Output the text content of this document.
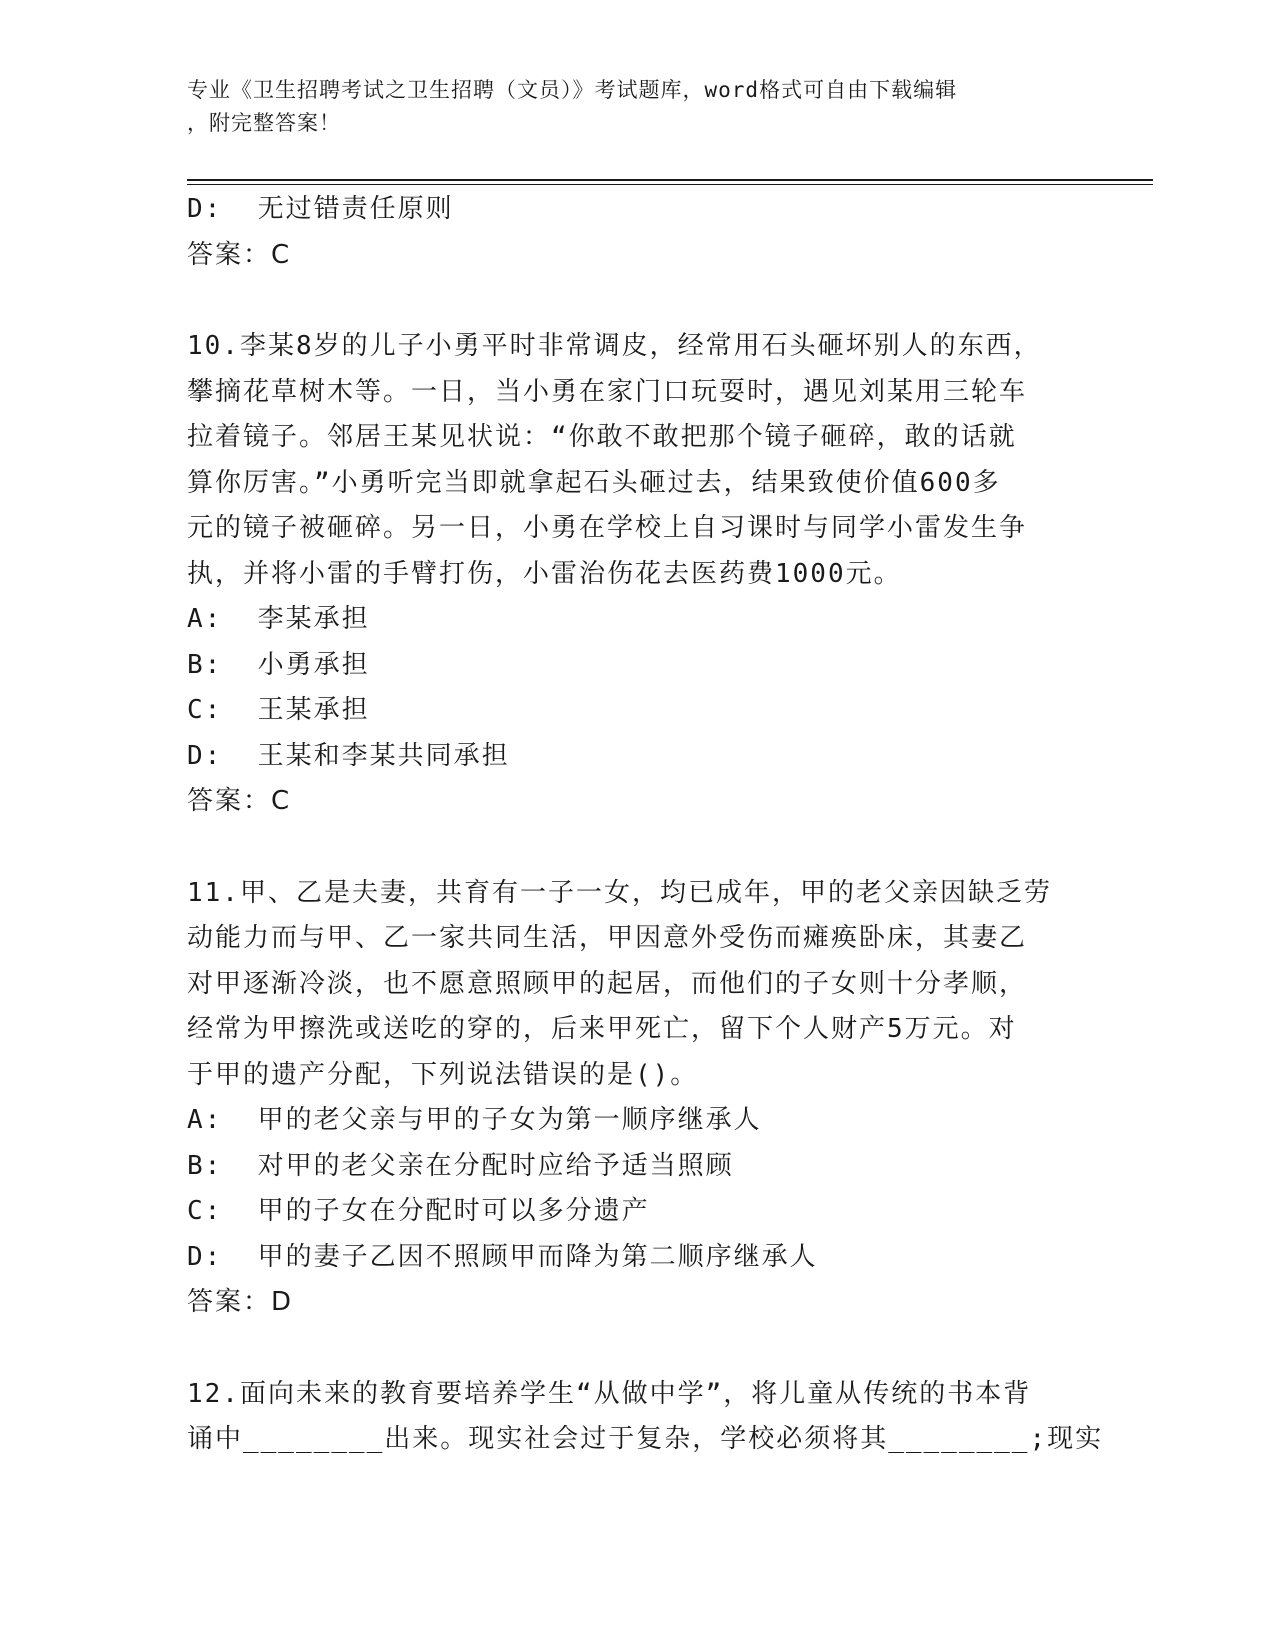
专业《卫生招聘考试之卫生招聘（文员）》考试题库，word格式可自由下载编辑
，附完整答案！
D:  无过错责任原则
答案：C
10.李某8岁的儿子小勇平时非常调皮，经常用石头砸坏别人的东西，
攀摘花草树木等。一日，当小勇在家门口玩耍时，遇见刘某用三轮车
拉着镜子。邻居王某见状说：“你敢不敢把那个镜子砸碎，敢的话就
算你厉害。”小勇听完当即就拿起石头砸过去，结果致使价值600多
元的镜子被砸碎。另一日，小勇在学校上自习课时与同学小雷发生争
执，并将小雷的手臂打伤，小雷治伤花去医药费1000元。
A:  李某承担
B:  小勇承担
C:  王某承担
D:  王某和李某共同承担
答案：C
11.甲、乙是夫妻，共育有一子一女，均已成年，甲的老父亲因缺乏劳
动能力而与甲、乙一家共同生活，甲因意外受伤而瘫痪卧床，其妻乙
对甲逐渐冷淡，也不愿意照顾甲的起居，而他们的子女则十分孝顺，
经常为甲擦洗或送吃的穿的，后来甲死亡，留下个人财产5万元。对
于甲的遗产分配，下列说法错误的是()。
A:  甲的老父亲与甲的子女为第一顺序继承人
B:  对甲的老父亲在分配时应给予适当照顾
C:  甲的子女在分配时可以多分遗产
D:  甲的妻子乙因不照顾甲而降为第二顺序继承人
答案：D
12.面向未来的教育要培养学生“从做中学”，将儿童从传统的书本背
诵中________出来。现实社会过于复杂，学校必须将其________;现实
